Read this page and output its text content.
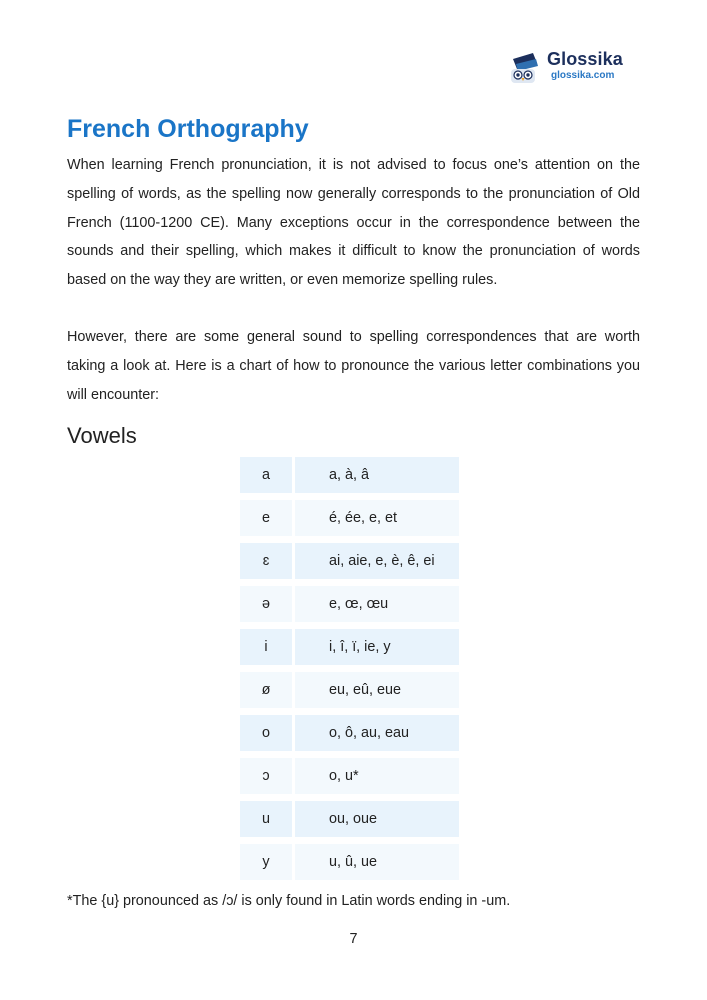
Glossika
glossika.com
French Orthography

When learning French pronunciation, it is not advised to focus one’s attention on the spelling of words, as the spelling now generally corresponds to the pronunciation of Old French (1100-1200 CE). Many exceptions occur in the correspondence between the sounds and their spelling, which makes it difficult to know the pronunciation of words based on the way they are written, or even memorize spelling rules.

However, there are some general sound to spelling correspondences that are worth taking a look at. Here is a chart of how to pronounce the various letter combinations you will encounter:

Vowels
a	a, à, â
e	é, ée, e, et
ɛ	ai, aie, e, è, ê, ei
ə	e, œ, œu
i	i, î, ï, ie, y
ø	eu, eû, eue
o	o, ô, au, eau
ɔ	o, u*
u	ou, oue
y	u, û, ue

*The {u} pronounced as /ɔ/ is only found in Latin words ending in -um.

7
